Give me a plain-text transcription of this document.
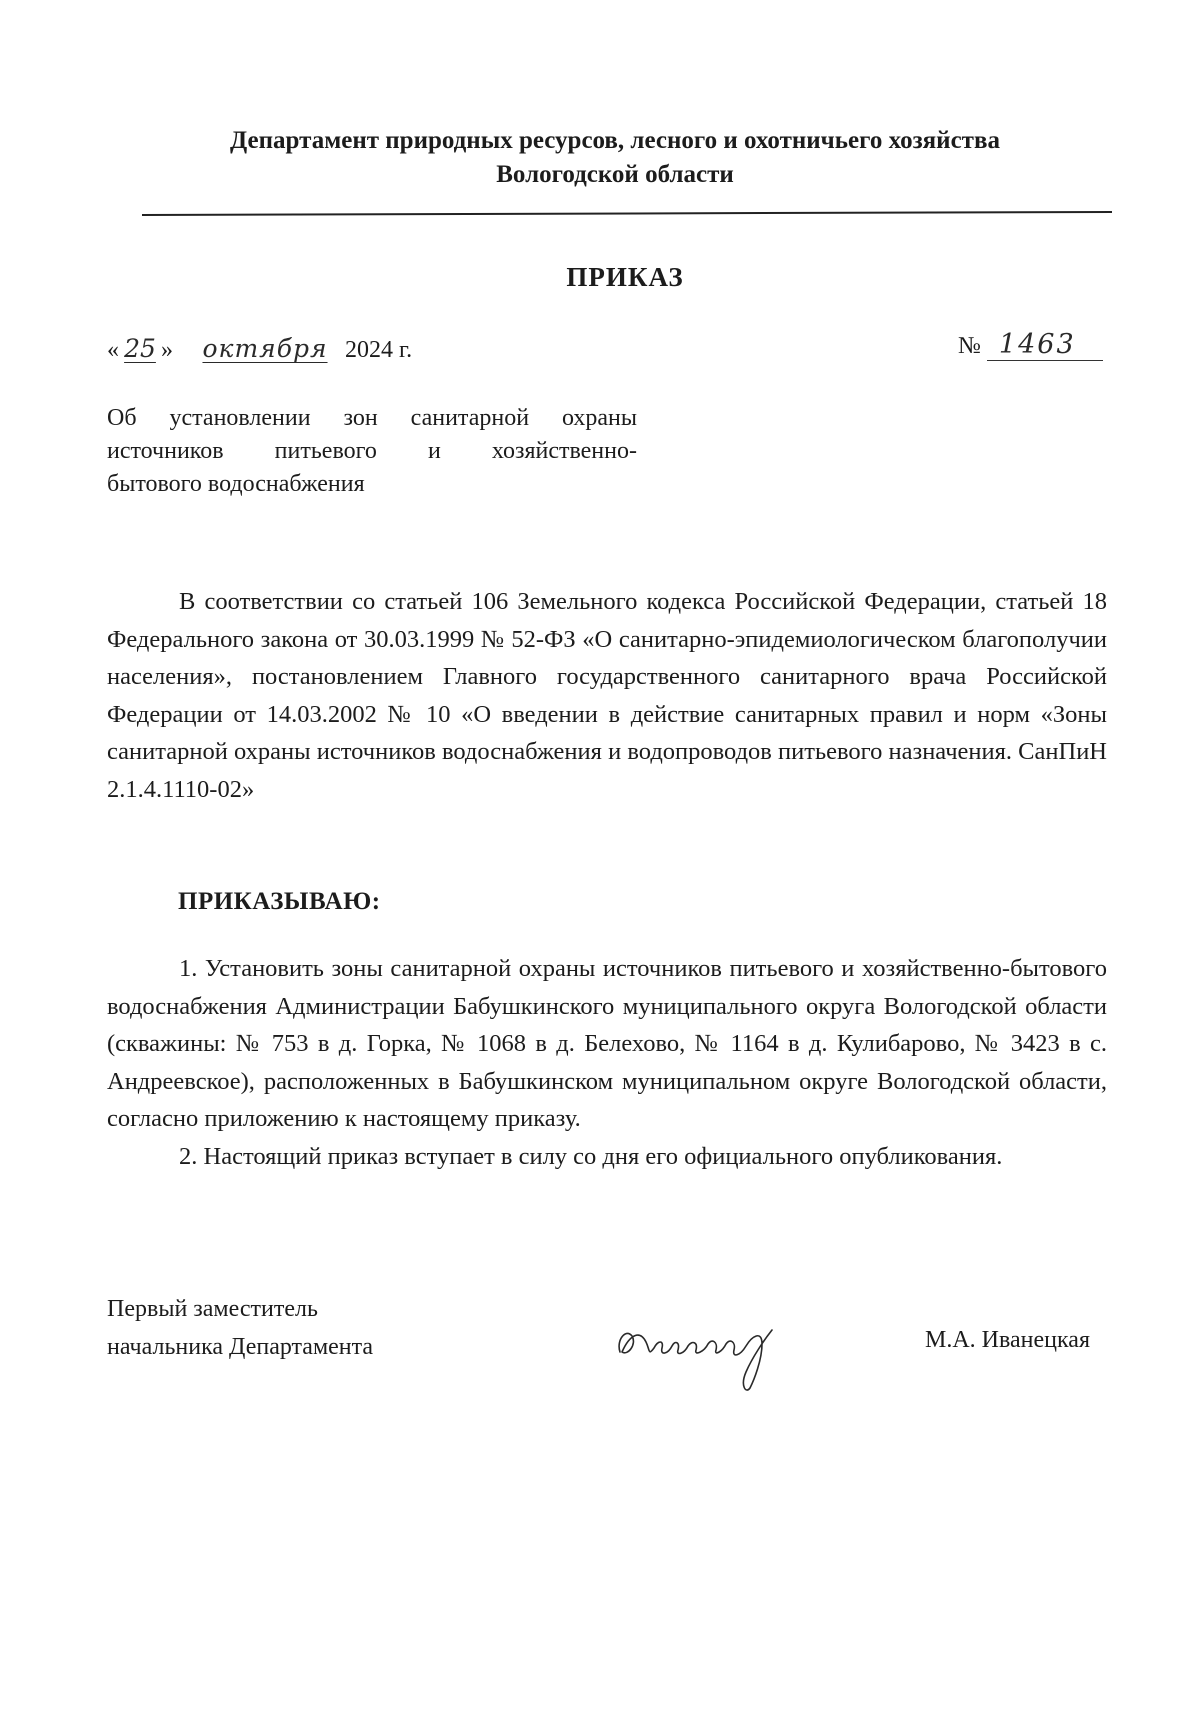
Департамент природных ресурсов, лесного и охотничьего хозяйства
Вологодской области
ПРИКАЗ
« 25 » октября 2024 г.	№ 1463
Об установлении зон санитарной охраны
источников питьевого и хозяйственно-
бытового водоснабжения

В соответствии со статьей 106 Земельного кодекса Российской Федерации, статьей 18 Федерального закона от 30.03.1999 № 52-ФЗ «О санитарно-эпидемиологическом благополучии населения», постановлением Главного государственного санитарного врача Российской Федерации от 14.03.2002 № 10 «О введении в действие санитарных правил и норм «Зоны санитарной охраны источников водоснабжения и водопроводов питьевого назначения. СанПиН 2.1.4.1110-02»

ПРИКАЗЫВАЮ:

1. Установить зоны санитарной охраны источников питьевого и хозяйственно-бытового водоснабжения Администрации Бабушкинского муниципального округа Вологодской области (скважины: № 753 в д. Горка, № 1068 в д. Белехово, № 1164 в д. Кулибарово, № 3423 в с. Андреевское), расположенных в Бабушкинском муниципальном округе Вологодской области, согласно приложению к настоящему приказу.

2. Настоящий приказ вступает в силу со дня его официального опубликования.

Первый заместитель
начальника Департамента	М.А. Иванецкая
